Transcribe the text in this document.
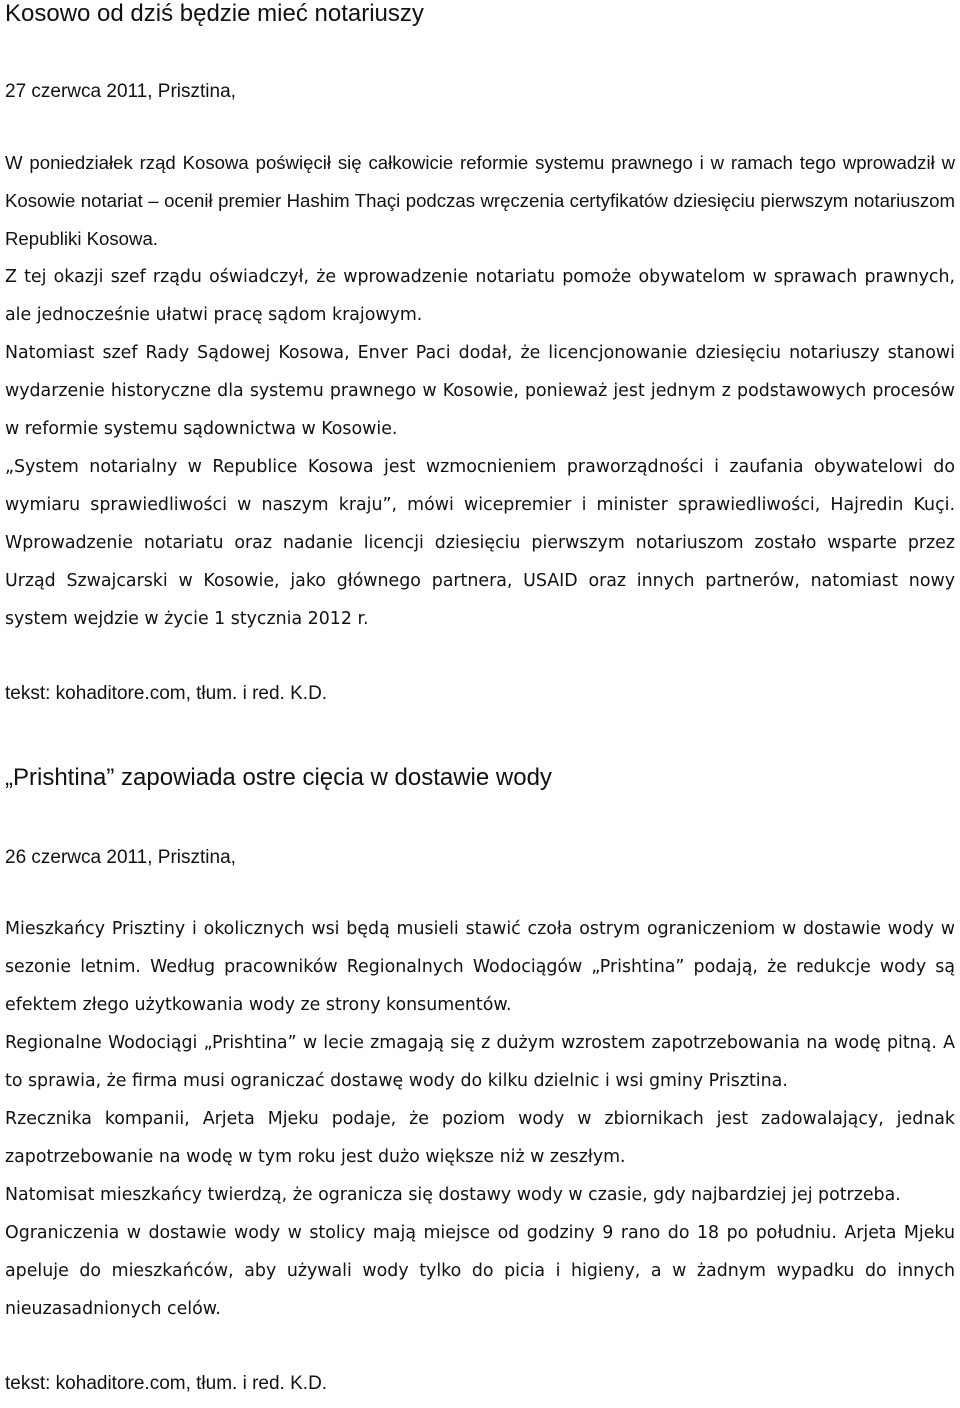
Kosowo od dziś będzie mieć notariuszy

27 czerwca 2011, Prisztina,

W poniedziałek rząd Kosowa poświęcił się całkowicie reformie systemu prawnego i w ramach tego wprowadził w Kosowie notariat – ocenił premier Hashim Thaçi podczas wręczenia certyfikatów dziesięciu pierwszym notariuszom Republiki Kosowa.

Z tej okazji szef rządu oświadczył, że wprowadzenie notariatu pomoże obywatelom w sprawach prawnych, ale jednocześnie ułatwi pracę sądom krajowym.

Natomiast szef Rady Sądowej Kosowa, Enver Paci dodał, że licencjonowanie dziesięciu notariuszy stanowi wydarzenie historyczne dla systemu prawnego w Kosowie, ponieważ jest jednym z podstawowych procesów w reformie systemu sądownictwa w Kosowie.

„System notarialny w Republice Kosowa jest wzmocnieniem praworządności i zaufania obywatelowi do wymiaru sprawiedliwości w naszym kraju”, mówi wicepremier i minister sprawiedliwości, Hajredin Kuçi. Wprowadzenie notariatu oraz nadanie licencji dziesięciu pierwszym notariuszom zostało wsparte przez Urząd Szwajcarski w Kosowie, jako głównego partnera, USAID oraz innych partnerów, natomiast nowy system wejdzie w życie 1 stycznia 2012 r.

tekst: kohaditore.com, tłum. i red. K.D.

„Prishtina” zapowiada ostre cięcia w dostawie wody

26 czerwca 2011, Prisztina,

Mieszkańcy Prisztiny i okolicznych wsi będą musieli stawić czoła ostrym ograniczeniom w dostawie wody w sezonie letnim. Według pracowników Regionalnych Wodociągów „Prishtina” podają, że redukcje wody są efektem złego użytkowania wody ze strony konsumentów.

Regionalne Wodociągi „Prishtina” w lecie zmagają się z dużym wzrostem zapotrzebowania na wodę pitną. A to sprawia, że firma musi ograniczać dostawę wody do kilku dzielnic i wsi gminy Prisztina.

Rzecznika kompanii, Arjeta Mjeku podaje, że poziom wody w zbiornikach jest zadowalający, jednak zapotrzebowanie na wodę w tym roku jest dużo większe niż w zeszłym.

Natomisat mieszkańcy twierdzą, że ogranicza się dostawy wody w czasie, gdy najbardziej jej potrzeba.

Ograniczenia w dostawie wody w stolicy mają miejsce od godziny 9 rano do 18 po południu. Arjeta Mjeku apeluje do mieszkańców, aby używali wody tylko do picia i higieny, a w żadnym wypadku do innych nieuzasadnionych celów.

tekst: kohaditore.com, tłum. i red. K.D.
